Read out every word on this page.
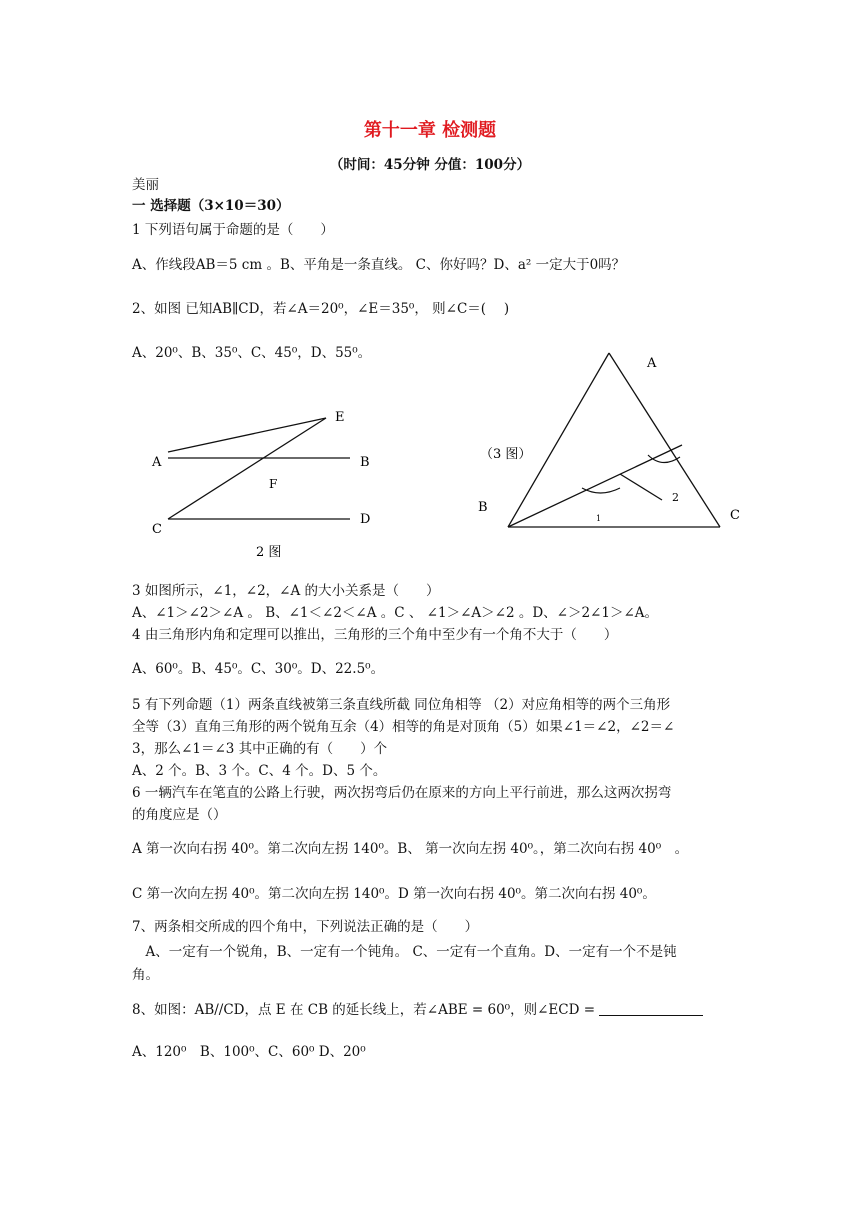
第十一章 检测题
（时间：45分钟 分值：100分）
美丽
一 选择题（3×10＝30）
1 下列语句属于命题的是（　　）
A、作线段AB＝5 cm 。B、平角是一条直线。 C、你好吗？D、a² 一定大于0吗？
2、如图 已知AB∥CD，若∠A＝20⁰，∠E＝35⁰， 则∠C＝(　 )
A、20⁰、B、35⁰、C、45⁰，D、55⁰。
E
A	B
F
C
D
2 图
A
（3 图）
B
C
2
1
3 如图所示，∠1，∠2，∠A 的大小关系是（　　）
A、∠1＞∠2＞∠A 。 B、∠1＜∠2＜∠A 。C 、 ∠1＞∠A＞∠2 。D、∠＞2∠1＞∠A。
4 由三角形内角和定理可以推出，三角形的三个角中至少有一个角不大于（　　）
A、60⁰。B、45⁰。C、30⁰。D、22.5⁰。
5 有下列命题（1）两条直线被第三条直线所截 同位角相等 （2）对应角相等的两个三角形
全等（3）直角三角形的两个锐角互余（4）相等的角是对顶角（5）如果∠1＝∠2，∠2＝∠
3，那么∠1＝∠3 其中正确的有（　　）个
A、2 个。B、3 个。C、4 个。D、5 个。
6 一辆汽车在笔直的公路上行驶，两次拐弯后仍在原来的方向上平行前进，那么这两次拐弯
的角度应是（）
A 第一次向右拐 40⁰。第二次向左拐 140⁰。B、 第一次向左拐 40⁰。，第二次向右拐 40⁰　。
C 第一次向左拐 40⁰。第二次向左拐 140⁰。D 第一次向右拐 40⁰。第二次向右拐 40⁰。
7、两条相交所成的四个角中，下列说法正确的是（　　）
　A、一定有一个锐角，B、一定有一个钝角。 C、一定有一个直角。D、一定有一个不是钝
角。
8、如图：AB//CD，点 E 在 CB 的延长线上，若∠ABE = 60⁰，则∠ECD =
A、120⁰　B、100⁰、C、60⁰ D、20⁰
